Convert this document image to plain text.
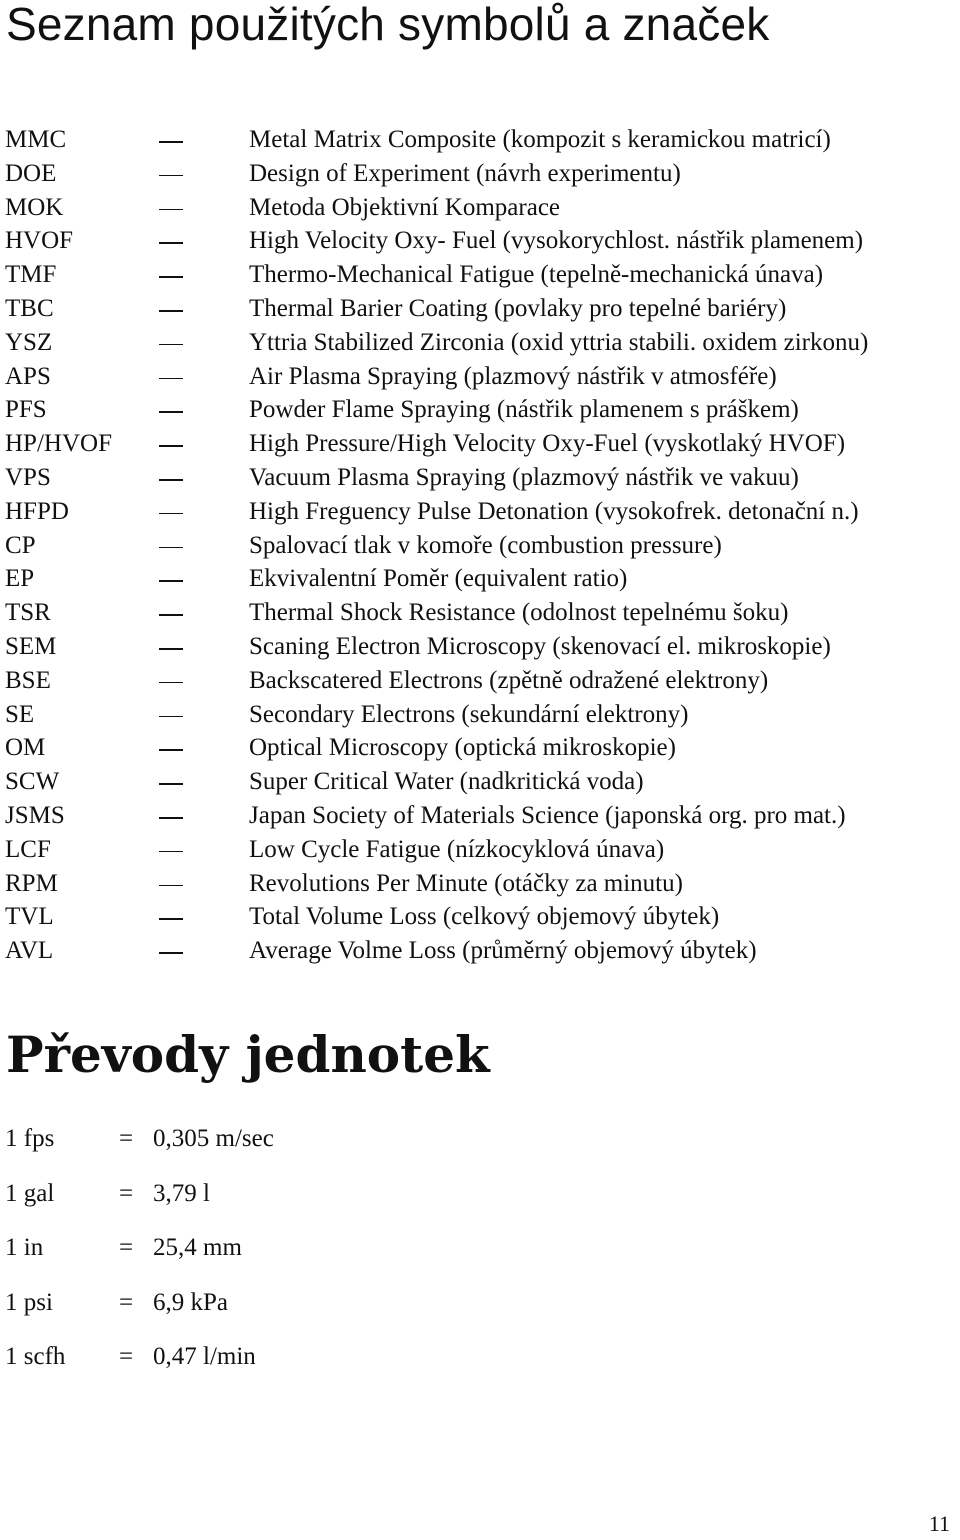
Seznam použitých symbolů a značek
MMC	Metal Matrix Composite (kompozit s keramickou matricí)
DOE	Design of Experiment (návrh experimentu)
MOK	Metoda Objektivní Komparace
HVOF	High Velocity Oxy- Fuel (vysokorychlost. nástřik plamenem)
TMF	Thermo-Mechanical Fatigue (tepelně-mechanická únava)
TBC	Thermal Barier Coating (povlaky pro tepelné bariéry)
YSZ	Yttria Stabilized Zirconia (oxid yttria stabili. oxidem zirkonu)
APS	Air Plasma Spraying (plazmový nástřik v atmosféře)
PFS	Powder Flame Spraying (nástřik plamenem s práškem)
HP/HVOF	High Pressure/High Velocity Oxy-Fuel (vyskotlaký HVOF)
VPS	Vacuum Plasma Spraying (plazmový nástřik ve vakuu)
HFPD	High Freguency Pulse Detonation (vysokofrek. detonační n.)
CP	Spalovací tlak v komoře (combustion pressure)
EP	Ekvivalentní Poměr (equivalent ratio)
TSR	Thermal Shock Resistance (odolnost tepelnému šoku)
SEM	Scaning Electron Microscopy (skenovací el. mikroskopie)
BSE	Backscatered Electrons (zpětně odražené elektrony)
SE	Secondary Electrons (sekundární elektrony)
OM	Optical Microscopy (optická mikroskopie)
SCW	Super Critical Water (nadkritická voda)
JSMS	Japan Society of Materials Science (japonská org. pro mat.)
LCF	Low Cycle Fatigue (nízkocyklová únava)
RPM	Revolutions Per Minute (otáčky za minutu)
TVL	Total Volume Loss (celkový objemový úbytek)
AVL	Average Volme Loss (průměrný objemový úbytek)
Převody jednotek
1 fps	= 0,305 m/sec
1 gal	= 3,79 l
1 in	= 25,4 mm
1 psi	= 6,9 kPa
1 scfh = 0,47 l/min
11
